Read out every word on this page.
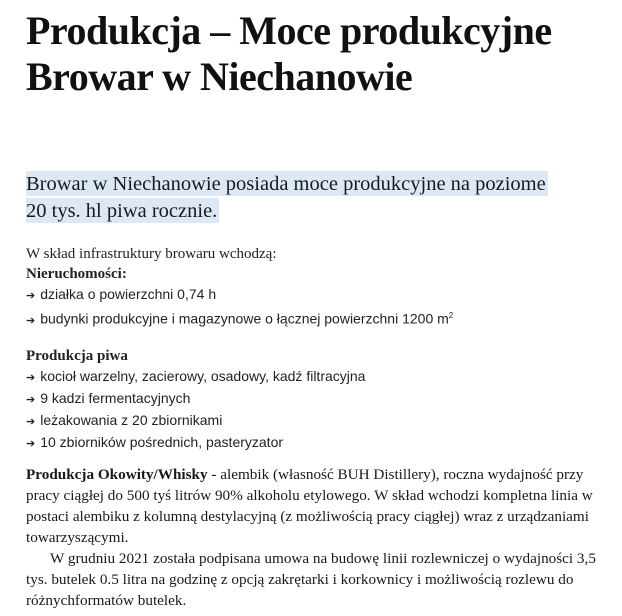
Produkcja – Moce produkcyjne
Browar w Niechanowie
Browar w Niechanowie posiada moce produkcyjne na poziome
20 tys. hl piwa rocznie.
W skład infrastruktury browaru wchodzą:
Nieruchomości:
➔ działka o powierzchni 0,74 h
➔ budynki produkcyjne i magazynowe o łącznej powierzchni 1200 $m^2$
Produkcja piwa
➔ kocioł warzelny, zacierowy, osadowy, kadź filtracyjna
➔ 9 kadzi fermentacyjnych
➔ leżakowania z 20 zbiornikami
➔ 10 zbiorników pośrednich, pasteryzator
Produkcja Okowity/Whisky - alembik (własność BUH Distillery), roczna wydajność przy pracy ciągłej do 500 tyś litrów 90% alkoholu etylowego. W skład wchodzi kompletna linia w postaci alembiku z kolumną destylacyjną (z możliwością pracy ciągłej) wraz z urządzaniami towarzyszącymi.
W grudniu 2021 została podpisana umowa na budowę linii rozlewniczej o wydajności 3,5 tys. butelek 0.5 litra na godzinę z opcją zakrętarki i korkownicy i możliwością rozlewu do różnychformatów butelek.
